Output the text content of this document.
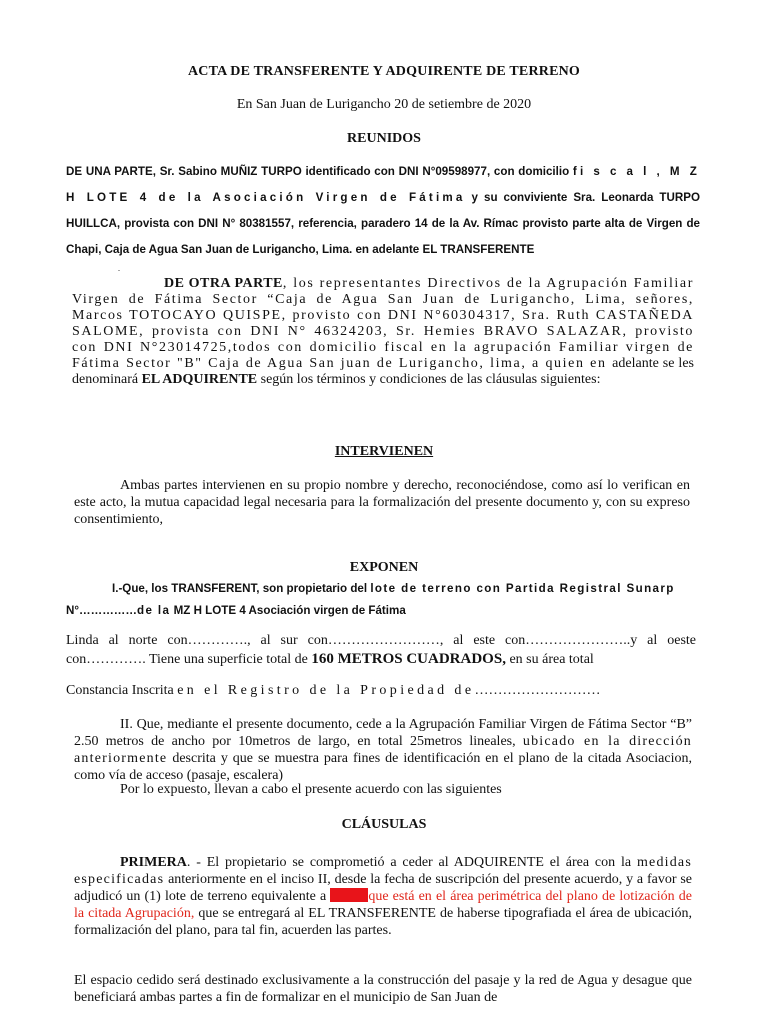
ACTA DE TRANSFERENTE Y ADQUIRENTE DE TERRENO
En San Juan de Lurigancho 20 de setiembre de 2020
REUNIDOS
DE UNA PARTE, Sr. Sabino MUÑIZ TURPO identificado con DNI N°09598977, con domicilio fi s c a l , M Z H LOTE 4 de la Asociación Virgen de Fátima y su conviviente Sra. Leonarda TURPO HUILLCA, provista con DNI N° 80381557, referencia, paradero 14 de la Av. Rímac provisto parte alta de Virgen de Chapi, Caja de Agua San Juan de Lurigancho, Lima. en adelante EL TRANSFERENTE
.
DE OTRA PARTE, los representantes Directivos de la Agrupación Familiar Virgen de Fátima Sector “Caja de Agua San Juan de Lurigancho, Lima, señores, Marcos TOTOCAYO QUISPE, provisto con DNI N°60304317, Sra. Ruth CASTAÑEDA SALOME, provista con DNI N° 46324203, Sr. Hemies BRAVO SALAZAR, provisto con DNI N°23014725,todos con domicilio fiscal en la agrupación Familiar virgen de Fátima Sector "B" Caja de Agua San juan de Lurigancho, lima, a quien en adelante se les denominará EL ADQUIRENTE según los términos y condiciones de las cláusulas siguientes:
INTERVIENEN
Ambas partes intervienen en su propio nombre y derecho, reconociéndose, como así lo verifican en este acto, la mutua capacidad legal necesaria para la formalización del presente documento y, con su expreso consentimiento,
EXPONEN
I.-Que, los TRANSFERENT, son propietario del lote de terreno con Partida Registral Sunarp
N°……………de la MZ H LOTE 4 Asociación virgen de Fátima
Linda al norte con…………., al sur con……………………, al este con…………………..y al oeste con…………. Tiene una superficie total de 160 METROS CUADRADOS, en su área total
Constancia Inscrita en el Registro de la Propiedad de………………………
II. Que, mediante el presente documento, cede a la Agrupación Familiar Virgen de Fátima Sector “B” 2.50 metros de ancho por 10metros de largo, en total 25metros lineales, ubicado en la dirección anteriormente descrita y que se muestra para fines de identificación en el plano de la citada Asociacion, como vía de acceso (pasaje, escalera)
Por lo expuesto, llevan a cabo el presente acuerdo con las siguientes
CLÁUSULAS
PRIMERA. - El propietario se comprometió a ceder al ADQUIRENTE el área con la medidas especificadas anteriormente en el inciso II, desde la fecha de suscripción del presente acuerdo, y a favor se adjudicó un (1) lote de terreno equivalente a	que está en el área perimétrica del plano de lotización de la citada Agrupación, que se entregará al EL TRANSFERENTE de haberse tipografiada el área de ubicación, formalización del plano, para tal fin, acuerden las partes.
El espacio cedido será destinado exclusivamente a la construcción del pasaje y la red de Agua y desague que beneficiará ambas partes a fin de formalizar en el municipio de San Juan de
